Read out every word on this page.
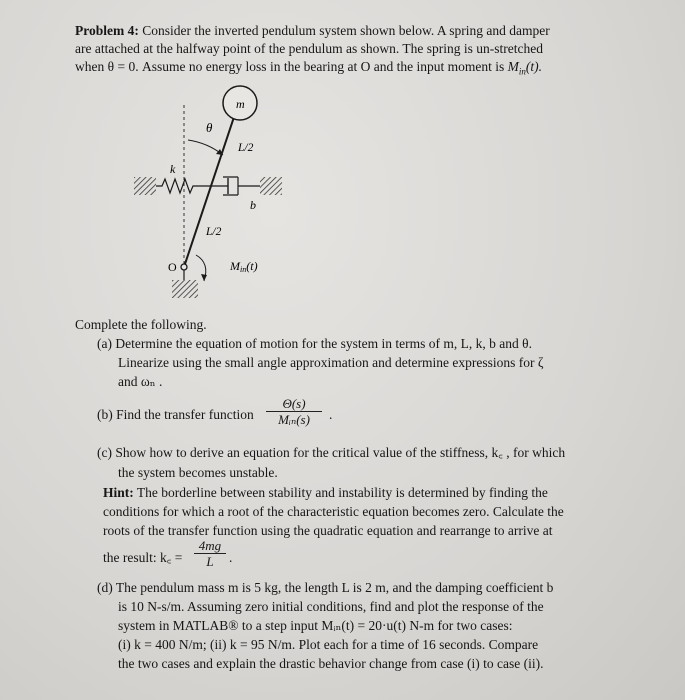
Problem 4: Consider the inverted pendulum system shown below. A spring and damper

are attached at the halfway point of the pendulum as shown. The spring is un-stretched

when θ = 0. Assume no energy loss in the bearing at O and the input moment is $M_{in}(t)$.

m
θ
L/2
k
b
L/2
O	Min(t)

Complete the following.

(a) Determine the equation of motion for the system in terms of m, L, k, b and θ.

Linearize using the small angle approximation and determine expressions for ζ

and ωₙ .

(b) Find the transfer function

Θ(s)
Mᵢₙ(s)	.

(c) Show how to derive an equation for the critical value of the stiffness, k꜀ , for which

the system becomes unstable.

Hint: The borderline between stability and instability is determined by finding the

conditions for which a root of the characteristic equation becomes zero. Calculate the

roots of the transfer function using the quadratic equation and rearrange to arrive at

the result: k꜀ = $\frac{4mg}{L}$ .

(d) The pendulum mass m is 5 kg, the length L is 2 m, and the damping coefficient b

is 10 N-s/m. Assuming zero initial conditions, find and plot the response of the

system in MATLAB® to a step input Mᵢₙ(t) = 20·u(t) N-m for two cases:

(i) k = 400 N/m; (ii) k = 95 N/m. Plot each for a time of 16 seconds. Compare

the two cases and explain the drastic behavior change from case (i) to case (ii).
